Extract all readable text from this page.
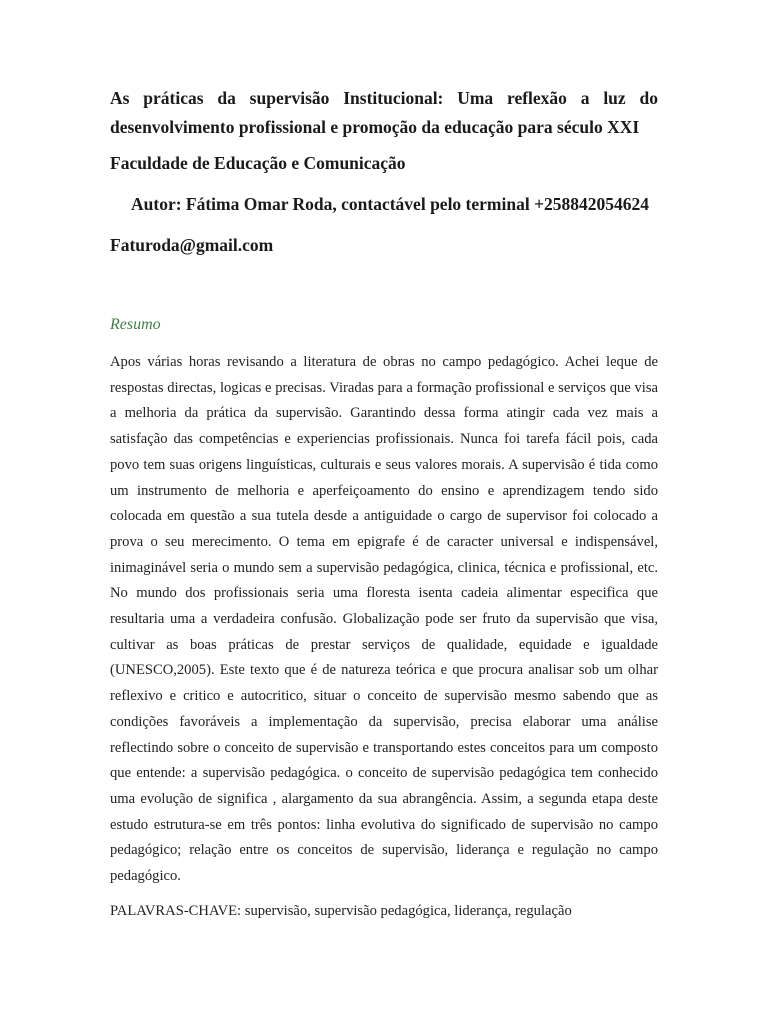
As práticas da supervisão Institucional: Uma reflexão a luz do desenvolvimento profissional e promoção da educação para século XXI

Faculdade de Educação e Comunicação

Autor: Fátima Omar Roda, contactável pelo terminal +258842054624

Faturoda@gmail.com

Resumo

Apos várias horas revisando a literatura de obras no campo pedagógico. Achei leque de respostas directas, logicas e precisas. Viradas para a formação profissional e serviços que visa a melhoria da prática da supervisão. Garantindo dessa forma atingir cada vez mais a satisfação das competências e experiencias profissionais. Nunca foi tarefa fácil pois, cada povo tem suas origens linguísticas, culturais e seus valores morais. A supervisão é tida como um instrumento de melhoria e aperfeiçoamento do ensino e aprendizagem tendo sido colocada em questão a sua tutela desde a antiguidade o cargo de supervisor foi colocado a prova o seu merecimento. O tema em epigrafe é de caracter universal e indispensável, inimaginável seria o mundo sem a supervisão pedagógica, clinica, técnica e profissional, etc. No mundo dos profissionais seria uma floresta isenta cadeia alimentar especifica que resultaria uma a verdadeira confusão. Globalização pode ser fruto da supervisão que visa, cultivar as boas práticas de prestar serviços de qualidade, equidade e igualdade (UNESCO,2005). Este texto que é de natureza teórica e que procura analisar sob um olhar reflexivo e critico e autocritico, situar o conceito de supervisão mesmo sabendo que as condições favoráveis a implementação da supervisão, precisa elaborar uma análise reflectindo sobre o conceito de supervisão e transportando estes conceitos para um composto que entende: a supervisão pedagógica. o conceito de supervisão pedagógica tem conhecido uma evolução de significa , alargamento da sua abrangência. Assim, a segunda etapa deste estudo estrutura-se em três pontos: linha evolutiva do significado de supervisão no campo pedagógico; relação entre os conceitos de supervisão, liderança e regulação no campo pedagógico.

PALAVRAS-CHAVE: supervisão, supervisão pedagógica, liderança, regulação
